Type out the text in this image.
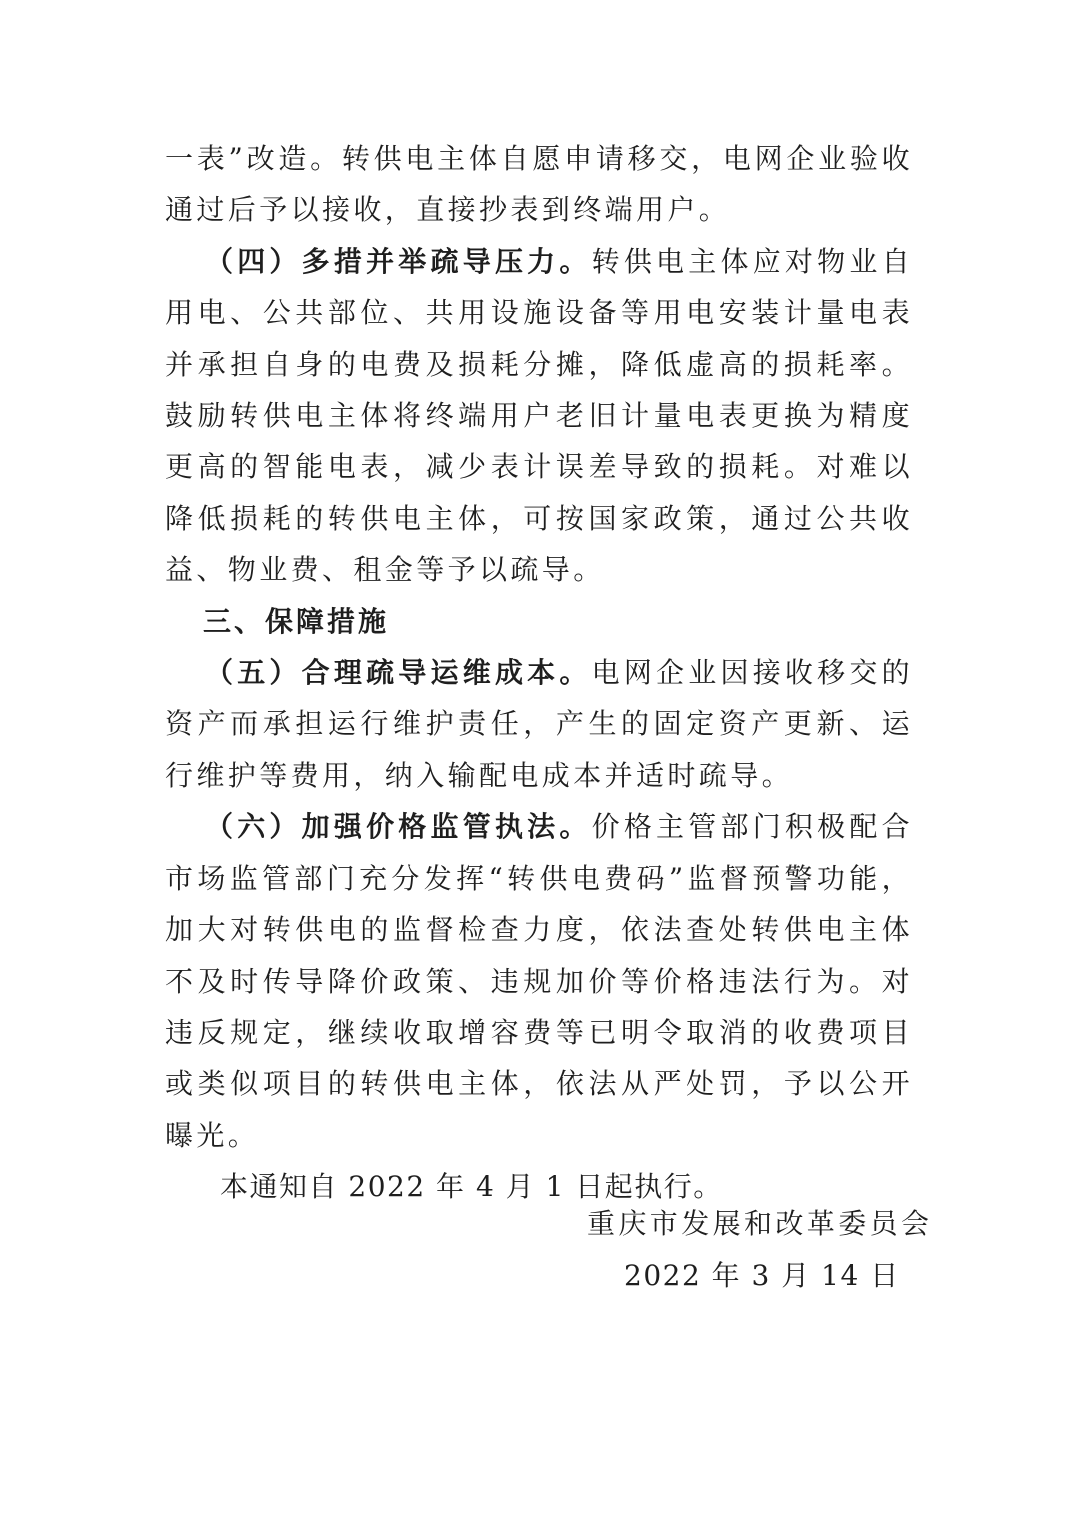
一表”改造。转供电主体自愿申请移交，电网企业验收通过后予以接收，直接抄表到终端用户。

（四）多措并举疏导压力。转供电主体应对物业自用电、公共部位、共用设施设备等用电安装计量电表并承担自身的电费及损耗分摊，降低虚高的损耗率。鼓励转供电主体将终端用户老旧计量电表更换为精度更高的智能电表，减少表计误差导致的损耗。对难以降低损耗的转供电主体，可按国家政策，通过公共收益、物业费、租金等予以疏导。

三、保障措施

（五）合理疏导运维成本。电网企业因接收移交的资产而承担运行维护责任，产生的固定资产更新、运行维护等费用，纳入输配电成本并适时疏导。

（六）加强价格监管执法。价格主管部门积极配合市场监管部门充分发挥“转供电费码”监督预警功能，加大对转供电的监督检查力度，依法查处转供电主体不及时传导降价政策、违规加价等价格违法行为。对违反规定，继续收取增容费等已明令取消的收费项目或类似项目的转供电主体，依法从严处罚，予以公开曝光。

本通知自 2022 年 4 月 1 日起执行。

重庆市发展和改革委员会
2022 年 3 月 14 日
